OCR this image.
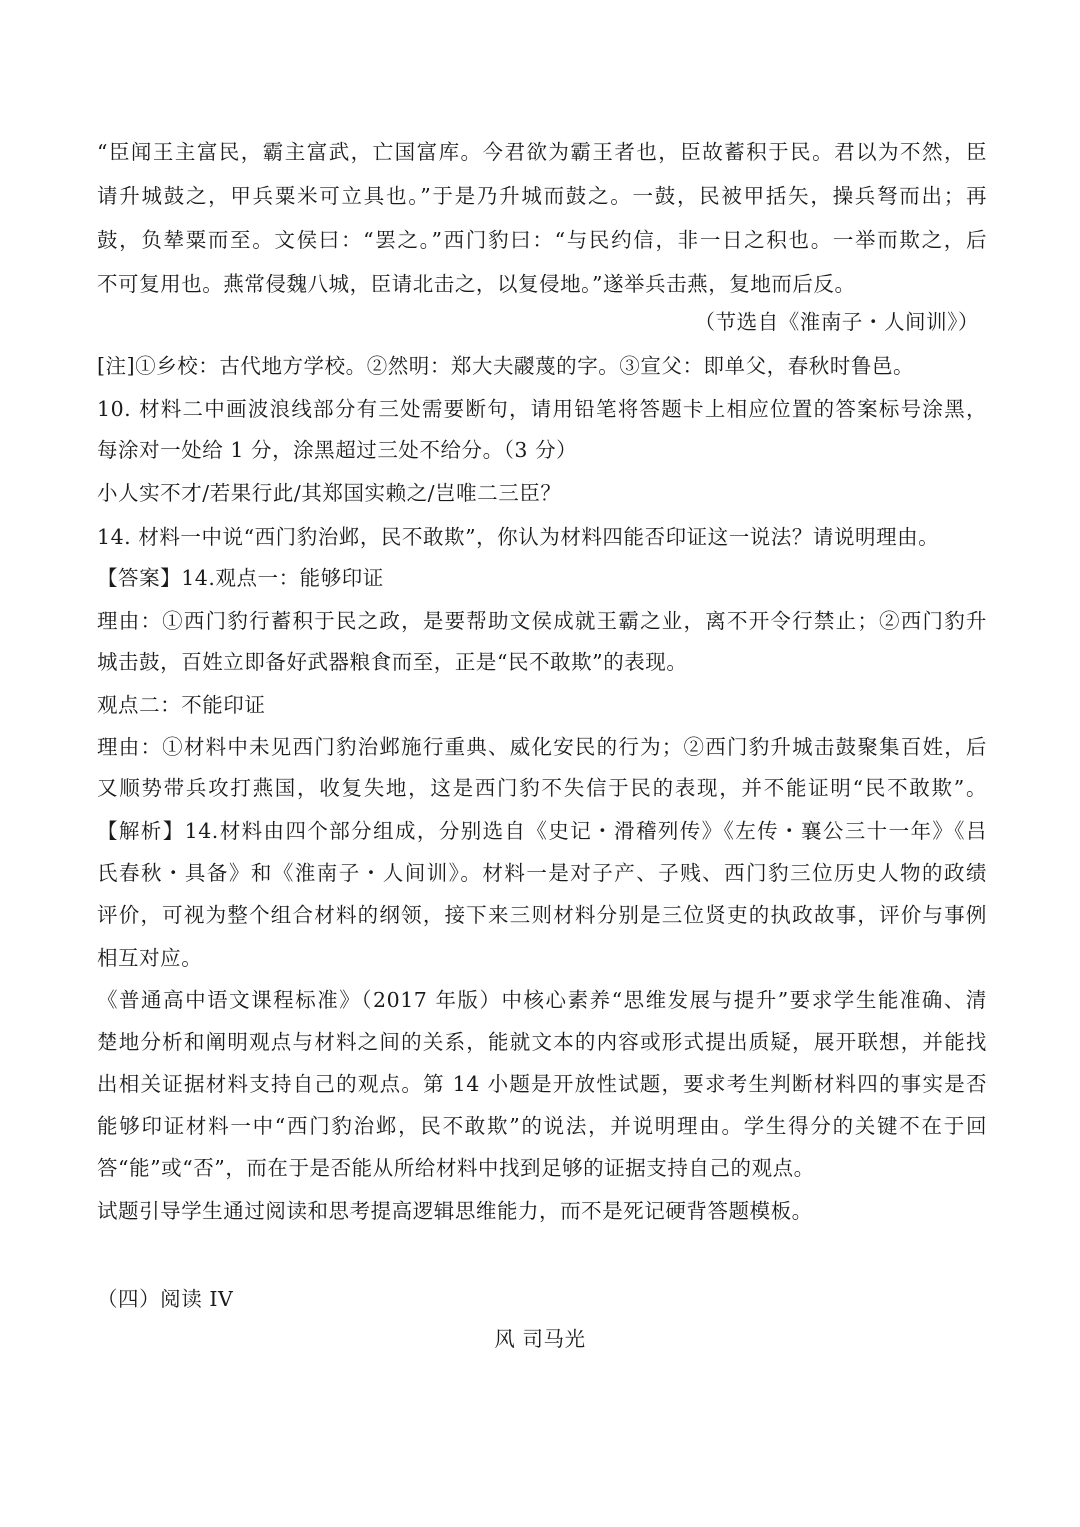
“臣闻王主富民，霸主富武，亡国富库。今君欲为霸王者也，臣故蓄积于民。君以为不然，臣
请升城鼓之，甲兵粟米可立具也。”于是乃升城而鼓之。一鼓，民被甲括矢，操兵弩而出；再
鼓，负辇粟而至。文侯曰：“罢之。”西门豹曰：“与民约信，非一日之积也。一举而欺之，后
不可复用也。燕常侵魏八城，臣请北击之，以复侵地。”遂举兵击燕，复地而后反。
（节选自《淮南子・人间训》）
[注]①乡校：古代地方学校。②然明：郑大夫鬷蔑的字。③宣父：即单父，春秋时鲁邑。
10. 材料二中画波浪线部分有三处需要断句，请用铅笔将答题卡上相应位置的答案标号涂黑，
每涂对一处给 1 分，涂黑超过三处不给分。（3 分）
小人实不才/若果行此/其郑国实赖之/岂唯二三臣？
14. 材料一中说“西门豹治邺，民不敢欺”，你认为材料四能否印证这一说法？请说明理由。
【答案】14.观点一：能够印证
理由：①西门豹行蓄积于民之政，是要帮助文侯成就王霸之业，离不开令行禁止；②西门豹升
城击鼓，百姓立即备好武器粮食而至，正是“民不敢欺”的表现。
观点二：不能印证
理由：①材料中未见西门豹治邺施行重典、威化安民的行为；②西门豹升城击鼓聚集百姓，后
又顺势带兵攻打燕国，收复失地，这是西门豹不失信于民的表现，并不能证明“民不敢欺”。
【解析】14.材料由四个部分组成，分别选自《史记・滑稽列传》《左传・襄公三十一年》《吕
氏春秋・具备》和《淮南子・人间训》。材料一是对子产、子贱、西门豹三位历史人物的政绩
评价，可视为整个组合材料的纲领，接下来三则材料分别是三位贤吏的执政故事，评价与事例
相互对应。
《普通高中语文课程标准》（2017 年版）中核心素养“思维发展与提升”要求学生能准确、清
楚地分析和阐明观点与材料之间的关系，能就文本的内容或形式提出质疑，展开联想，并能找
出相关证据材料支持自己的观点。第 14 小题是开放性试题，要求考生判断材料四的事实是否
能够印证材料一中“西门豹治邺，民不敢欺”的说法，并说明理由。学生得分的关键不在于回
答“能”或“否”，而在于是否能从所给材料中找到足够的证据支持自己的观点。
试题引导学生通过阅读和思考提高逻辑思维能力，而不是死记硬背答题模板。
（四）阅读 IV
风 司马光
